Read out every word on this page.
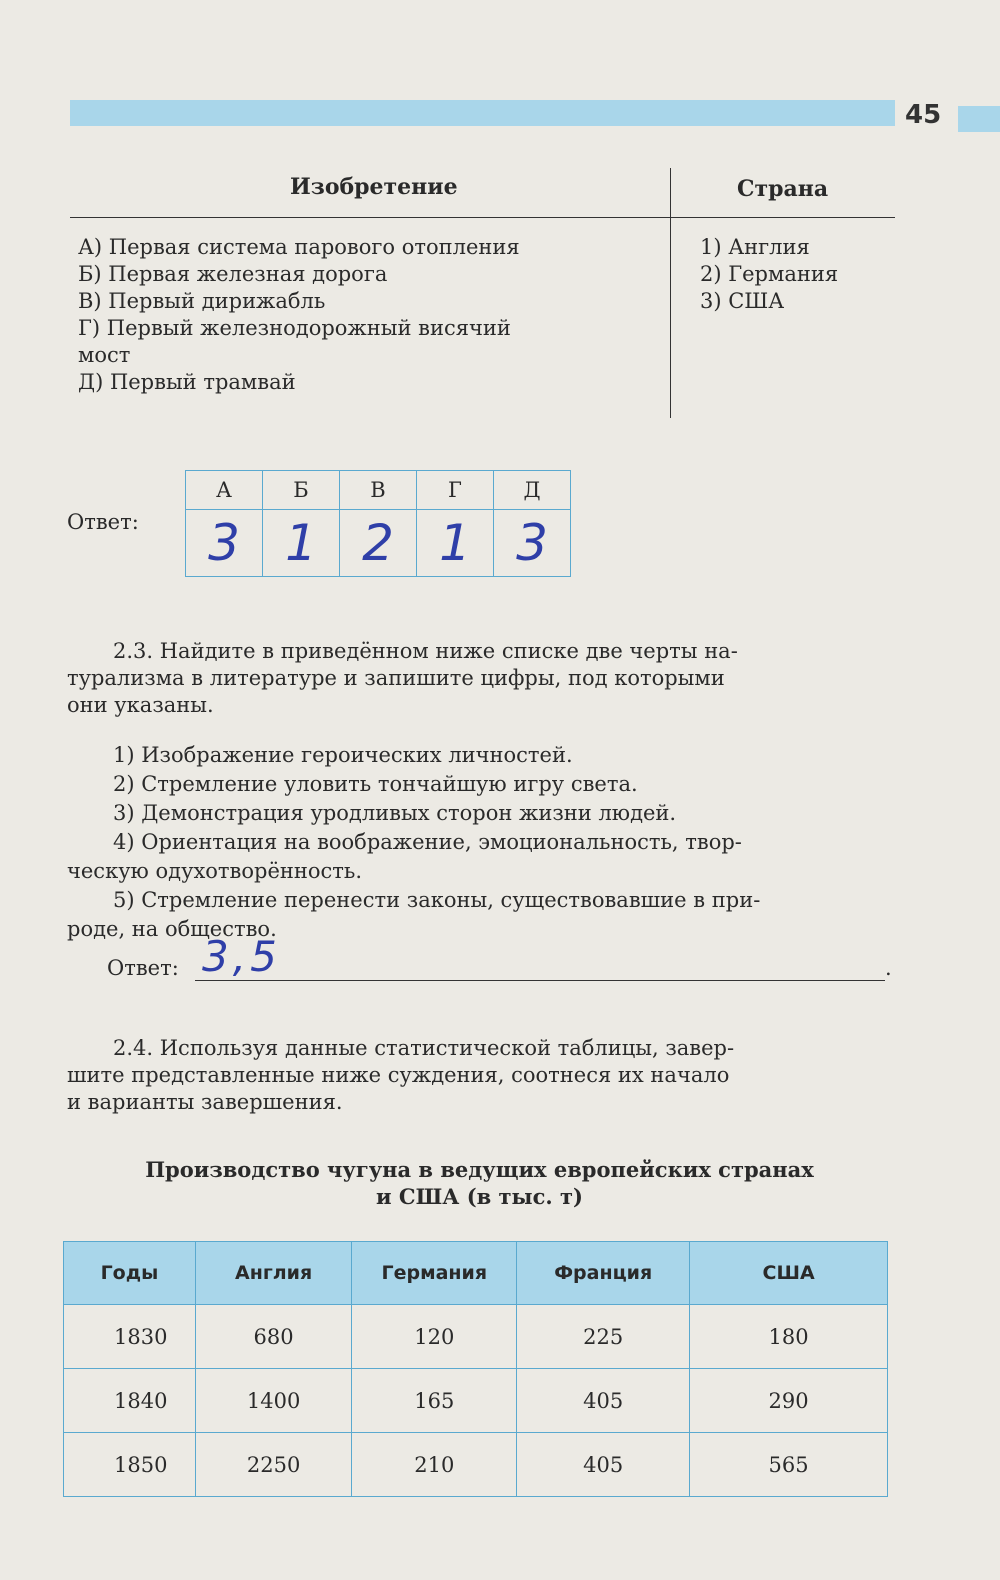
45
Изобретение	Страна
А) Первая система парового отопления
Б) Первая железная дорога
В) Первый дирижабль
Г) Первый железнодорожный висячий
мост
Д) Первый трамвай
1) Англия
2) Германия
3) США
Ответ:
А	Б	В	Г	Д
3	1	2	1	3

2.3. Найдите в приведённом ниже списке две черты на-

турализма в литературе и запишите цифры, под которыми

они указаны.

1) Изображение героических личностей.

2) Стремление уловить тончайшую игру света.

3) Демонстрация уродливых сторон жизни людей.

4) Ориентация на воображение, эмоциональность, твор-

ческую одухотворённость.

5) Стремление перенести законы, существовавшие в при-

роде, на общество.

Ответ: 3,5	.

2.4. Используя данные статистической таблицы, завер-

шите представленные ниже суждения, соотнеся их начало

и варианты завершения.

Производство чугуна в ведущих европейских странах
и США (в тыс. т)
Годы	Англия	Германия	Франция	США
1830	680	120	225	180
1840	1400	165	405	290
1850	2250	210	405	565
